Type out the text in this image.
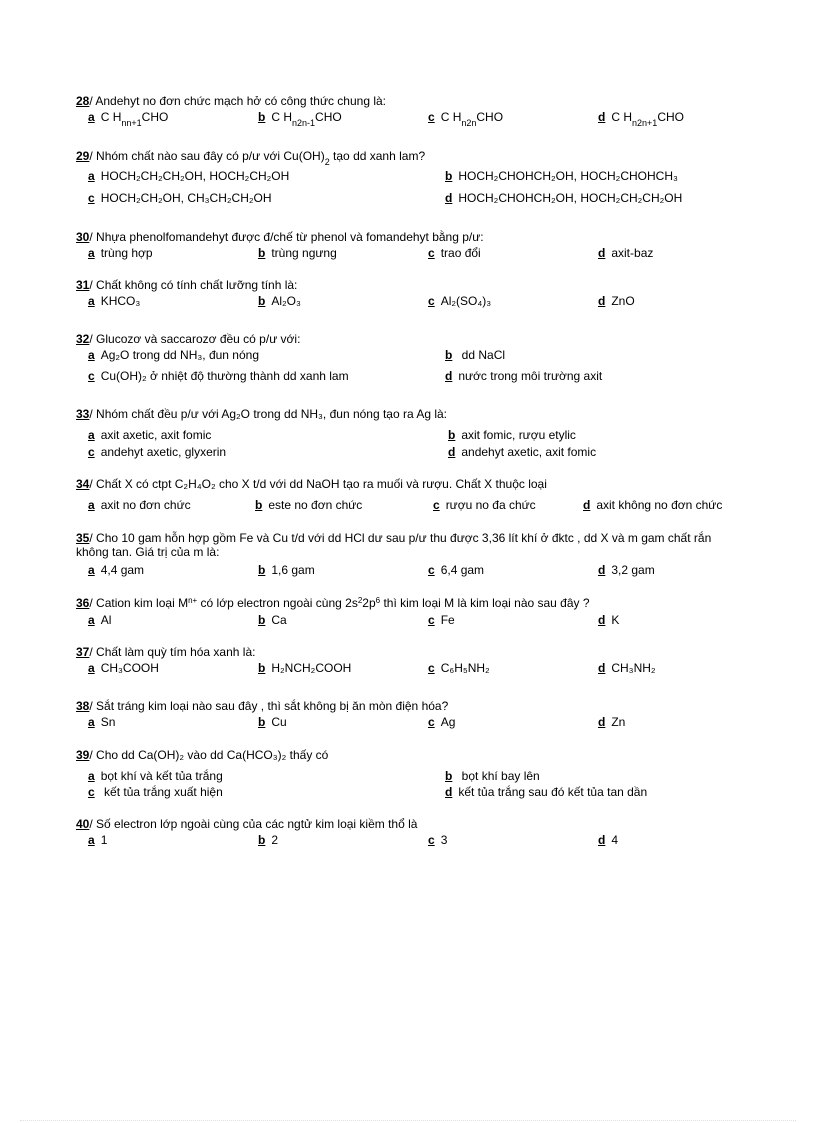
28/ Andehyt no đơn chức mạch hở có công thức chung là:
a C $H_{nn+1}CHO$	b C $H_{n2n-1}CHO$	c C $H_{n2n}CHO$	d C $H_{n2n+1}CHO$
29/ Nhóm chất nào sau đây có p/ư với $Cu(OH)_2$ tạo dd xanh lam?
a HOCH₂CH₂CH₂OH, HOCH₂CH₂OH	b HOCH₂CHOHCH₂OH, HOCH₂CHOHCH₃
c HOCH₂CH₂OH, CH₃CH₂CH₂OH	d HOCH₂CHOHCH₂OH, HOCH₂CH₂CH₂OH
30/ Nhựa phenolfomandehyt được đ/chế từ phenol và fomandehyt bằng p/ư:
a trùng hợp	b trùng ngưng	c trao đổi	d axit-baz
31/ Chất không có tính chất lưỡng tính là:
a KHCO₃	b Al₂O₃	c Al₂(SO₄)₃	d ZnO
32/ Glucozơ và saccarozơ đều có p/ư với:
a Ag₂O trong dd NH₃, đun nóng	b dd NaCl
c Cu(OH)₂ ở nhiệt độ thường thành dd xanh lam	d nước trong môi trường axit
33/ Nhóm chất đều p/ư với Ag₂O trong dd NH₃, đun nóng tạo ra Ag là:
a axit axetic, axit fomic	b axit fomic, rượu etylic
c andehyt axetic, glyxerin	d andehyt axetic, axit fomic
34/ Chất X có ctpt C₂H₄O₂ cho X t/d với dd NaOH tạo ra muối và rượu. Chất X thuộc loại
a axit no đơn chức	b este no đơn chức	c rượu no đa chức	d axit không no đơn chức
35/ Cho 10 gam hỗn hợp gồm Fe và Cu t/d với dd HCl dư sau p/ư thu được 3,36 lít khí ở đktc , dd X và m gam chất rắn không tan. Giá trị của m là:
a 4,4 gam	b 1,6 gam	c 6,4 gam	d 3,2 gam
36/ Cation kim loại $M^{n+}$ có lớp electron ngoài cùng $2s^22p^6$ thì kim loại M là kim loại nào sau đây ?
a Al	b Ca	c Fe	d K
37/ Chất làm quỳ tím hóa xanh là:
a CH₃COOH	b H₂NCH₂COOH	c C₆H₅NH₂	d CH₃NH₂
38/ Sắt tráng kim loại nào sau đây , thì sắt không bị ăn mòn điện hóa?
a Sn	b Cu	c Ag	d Zn
39/ Cho dd Ca(OH)₂ vào dd Ca(HCO₃)₂ thấy có
a bọt khí và kết tủa trắng	b bọt khí bay lên
c kết tủa trắng xuất hiện	d kết tủa trắng sau đó kết tủa tan dần
40/ Số electron lớp ngoài cùng của các ngtử kim loại kiềm thổ là
a 1	b 2	c 3	d 4
